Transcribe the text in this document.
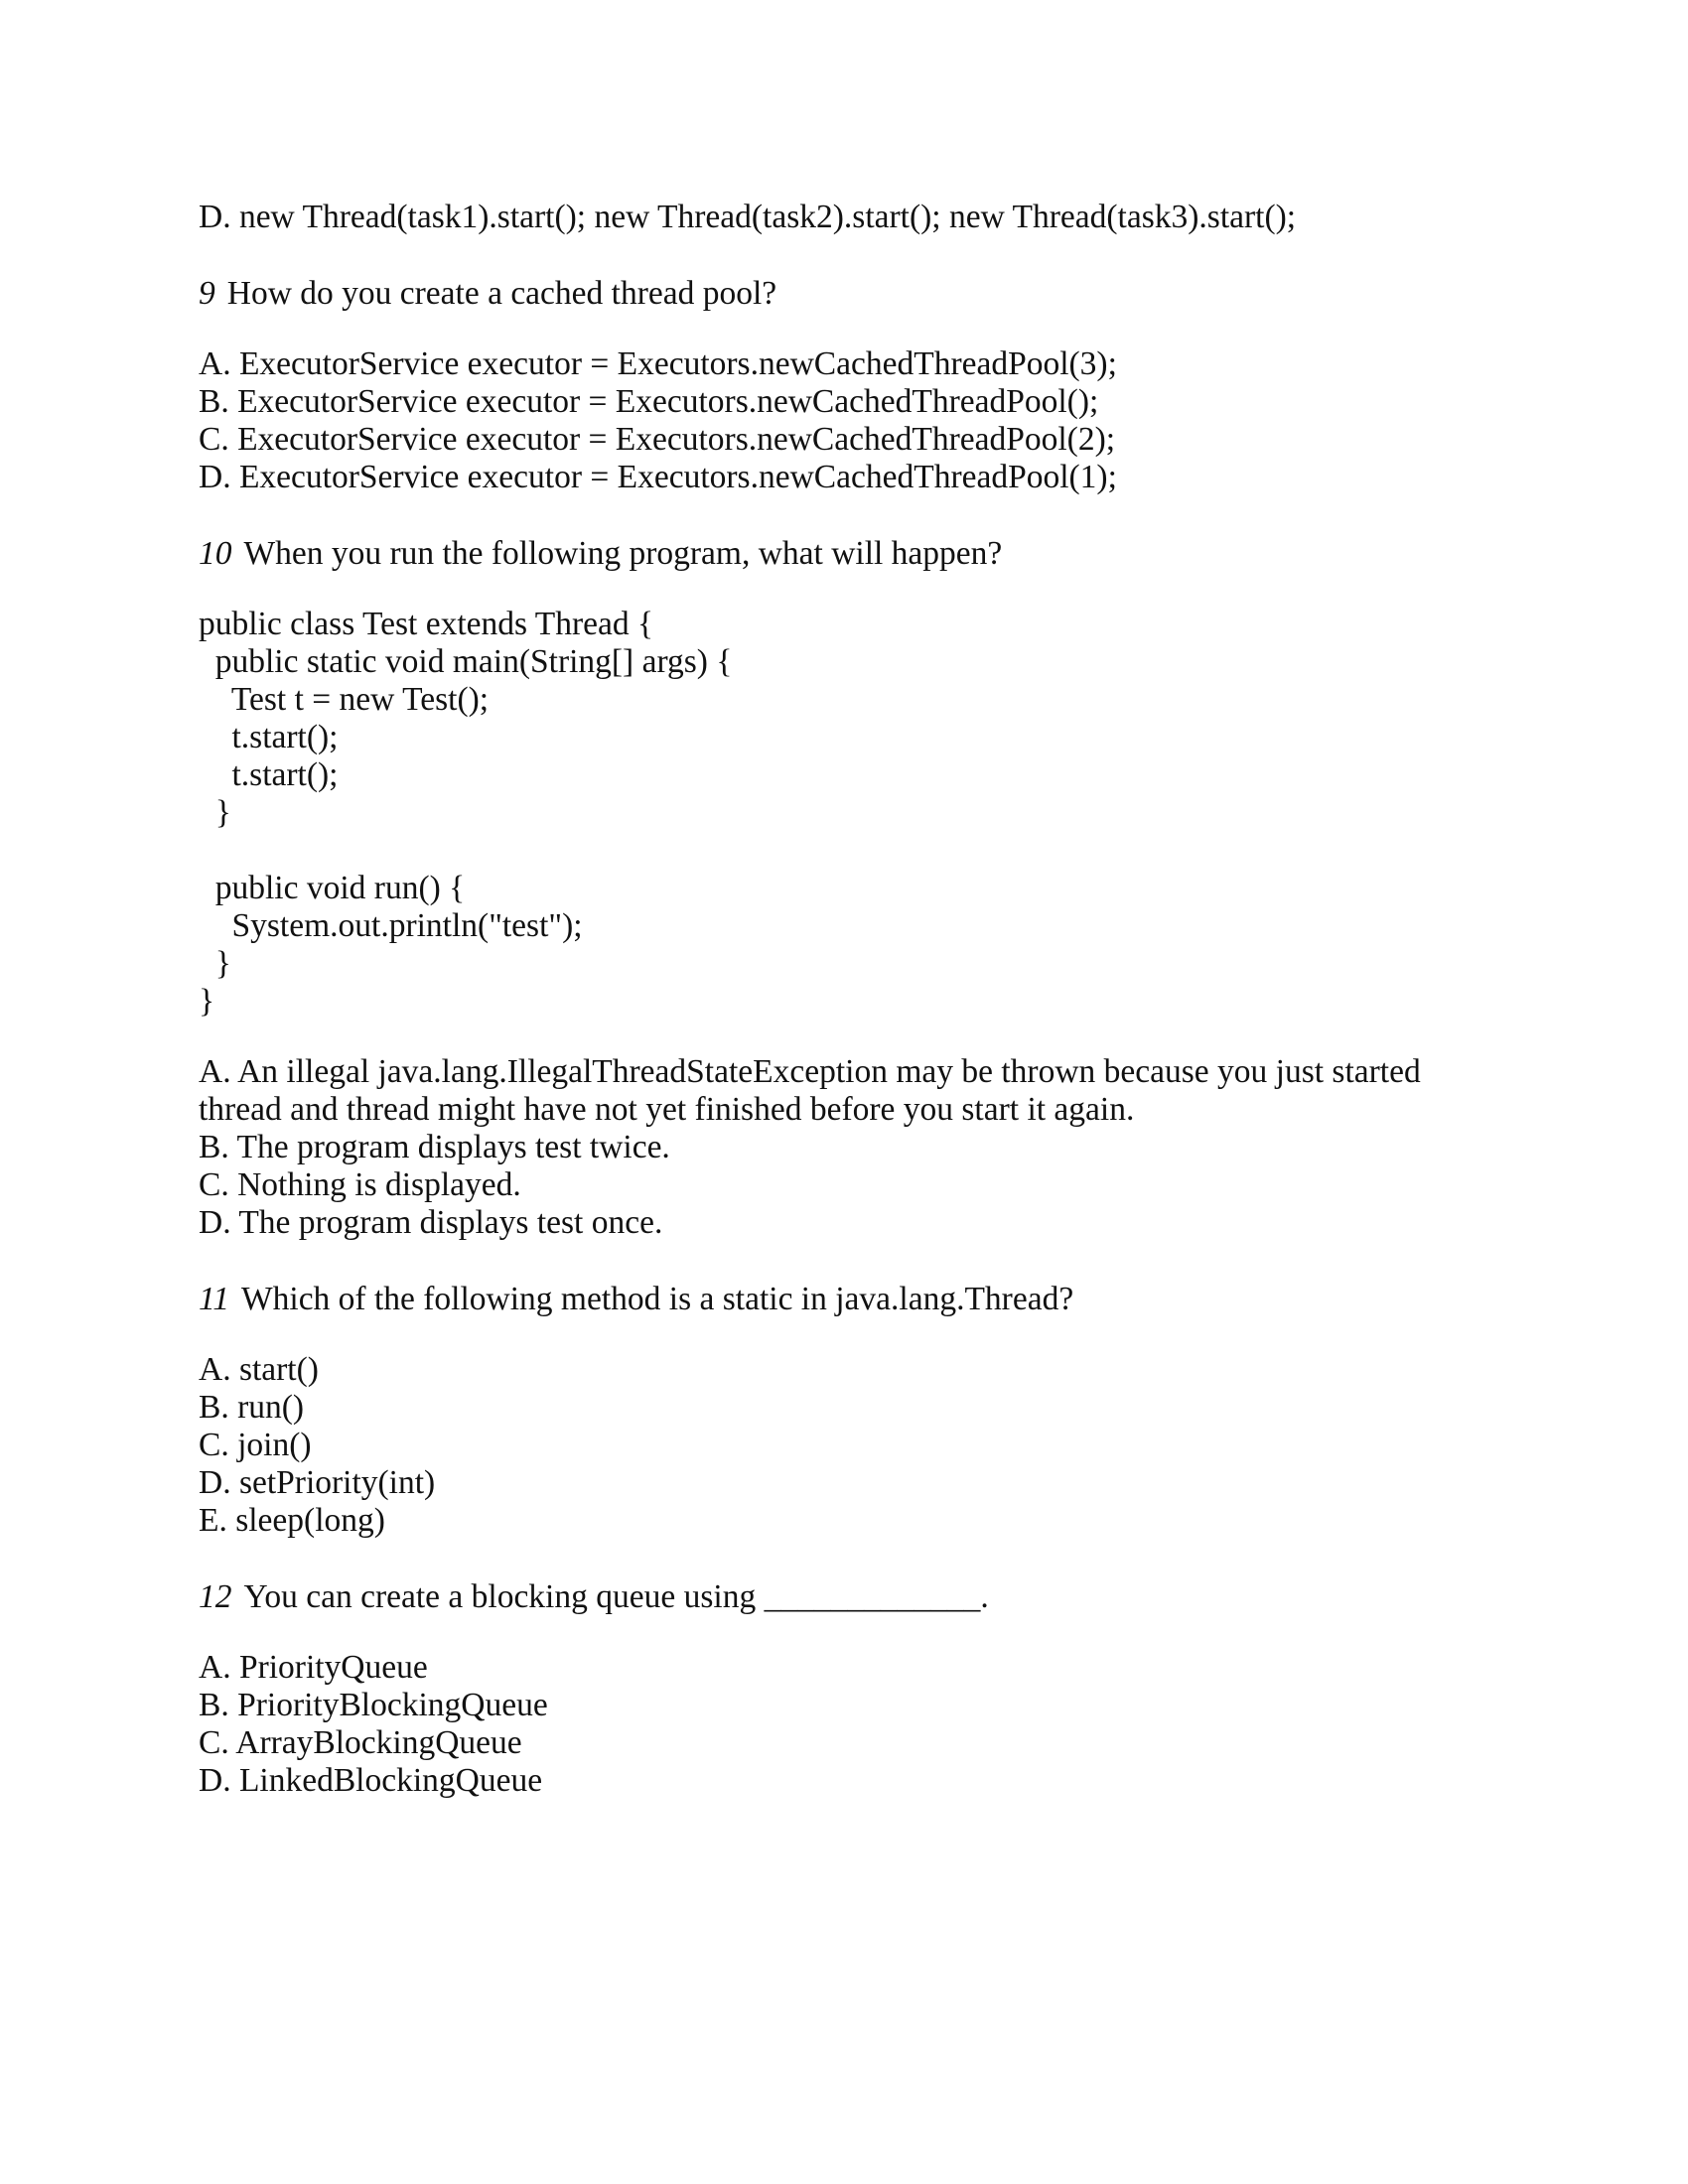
D. new Thread(task1).start(); new Thread(task2).start(); new Thread(task3).start();

9 How do you create a cached thread pool?

A. ExecutorService executor = Executors.newCachedThreadPool(3);

B. ExecutorService executor = Executors.newCachedThreadPool();

C. ExecutorService executor = Executors.newCachedThreadPool(2);

D. ExecutorService executor = Executors.newCachedThreadPool(1);

10 When you run the following program, what will happen?

public class Test extends Thread {

public static void main(String[] args) {

Test t = new Test();

t.start();

t.start();

}

public void run() {

System.out.println("test");

}

}

A. An illegal java.lang.IllegalThreadStateException may be thrown because you just started thread and thread might have not yet finished before you start it again.

B. The program displays test twice.

C. Nothing is displayed.

D. The program displays test once.

11 Which of the following method is a static in java.lang.Thread?

A. start()

B. run()

C. join()

D. setPriority(int)

E. sleep(long)

12 You can create a blocking queue using _____________.

A. PriorityQueue

B. PriorityBlockingQueue

C. ArrayBlockingQueue

D. LinkedBlockingQueue
